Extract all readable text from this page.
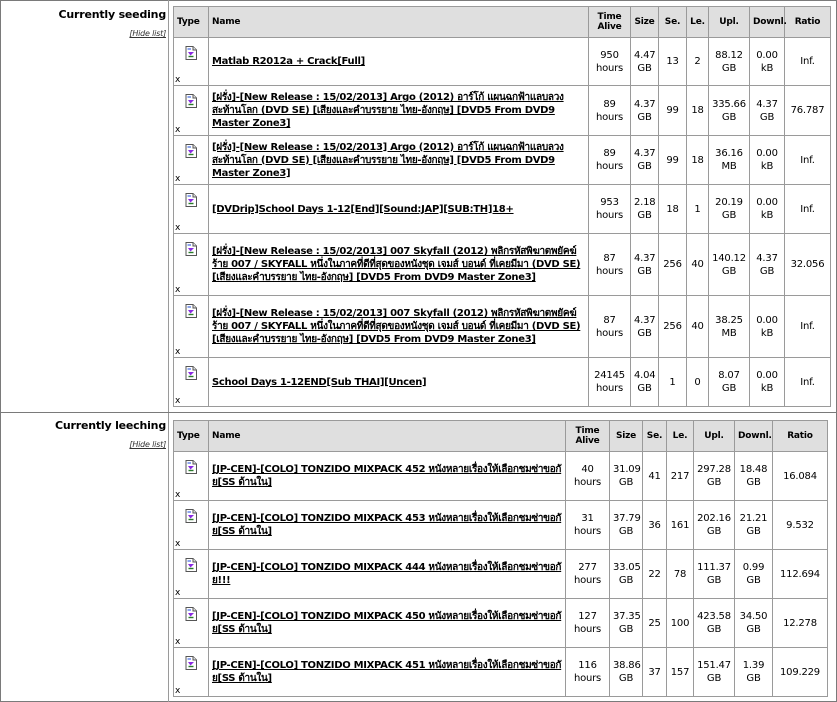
Currently seeding
[Hide list]
Type	Name	Time Alive	Size	Se.	Le.	Upl.	Downl.	Ratio

x	Matlab R2012a + Crack[Full]	950 hours	4.47 GB	13	2	88.12 GB	0.00 kB	Inf.

x	[ฝรั่ง]-[New Release : 15/02/2013] Argo (2012) อาร์โก้ แผนฉกฟ้าแลบลวงสะท้านโลก (DVD SE) [เสียงและคำบรรยาย ไทย-อังกฤษ] [DVD5 From DVD9 Master Zone3]	89 hours	4.37 GB	99	18	335.66 GB	4.37 GB	76.787

x	[ฝรั่ง]-[New Release : 15/02/2013] Argo (2012) อาร์โก้ แผนฉกฟ้าแลบลวงสะท้านโลก (DVD SE) [เสียงและคำบรรยาย ไทย-อังกฤษ] [DVD5 From DVD9 Master Zone3]	89 hours	4.37 GB	99	18	36.16 MB	0.00 kB	Inf.

x	[DVDrip]School Days 1-12[End][Sound:JAP][SUB:TH]18+	953 hours	2.18 GB	18	1	20.19 GB	0.00 kB	Inf.

x	[ฝรั่ง]-[New Release : 15/02/2013] 007 Skyfall (2012) พลิกรหัสพิฆาตพยัคฆ์ร้าย 007 / SKYFALL หนึ่งในภาคที่ดีที่สุดของหนังชุด เจมส์ บอนด์ ที่เคยมีมา (DVD SE) [เสียงและคำบรรยาย ไทย-อังกฤษ] [DVD5 From DVD9 Master Zone3]	87 hours	4.37 GB	256	40	140.12 GB	4.37 GB	32.056

x	[ฝรั่ง]-[New Release : 15/02/2013] 007 Skyfall (2012) พลิกรหัสพิฆาตพยัคฆ์ร้าย 007 / SKYFALL หนึ่งในภาคที่ดีที่สุดของหนังชุด เจมส์ บอนด์ ที่เคยมีมา (DVD SE) [เสียงและคำบรรยาย ไทย-อังกฤษ] [DVD5 From DVD9 Master Zone3]	87 hours	4.37 GB	256	40	38.25 MB	0.00 kB	Inf.

x	School Days 1-12END[Sub THAI][Uncen]	24145 hours	4.04 GB	1	0	8.07 GB	0.00 kB	Inf.
Currently leeching
[Hide list]
Type	Name	Time Alive	Size	Se.	Le.	Upl.	Downl.	Ratio

x	[JP-CEN]-[COLO] TONZIDO MIXPACK 452 หนังหลายเรื่องให้เลือกชมซ่าขอกัย[SS ด้านใน]	40 hours	31.09 GB	41	217	297.28 GB	18.48 GB	16.084

x	[JP-CEN]-[COLO] TONZIDO MIXPACK 453 หนังหลายเรื่องให้เลือกชมซ่าขอกัย[SS ด้านใน]	31 hours	37.79 GB	36	161	202.16 GB	21.21 GB	9.532

x	[JP-CEN]-[COLO] TONZIDO MIXPACK 444 หนังหลายเรื่องให้เลือกชมซ่าขอกัย!!!	277 hours	33.05 GB	22	78	111.37 GB	0.99 GB	112.694

x	[JP-CEN]-[COLO] TONZIDO MIXPACK 450 หนังหลายเรื่องให้เลือกชมซ่าขอกัย[SS ด้านใน]	127 hours	37.35 GB	25	100	423.58 GB	34.50 GB	12.278

x	[JP-CEN]-[COLO] TONZIDO MIXPACK 451 หนังหลายเรื่องให้เลือกชมซ่าขอกัย[SS ด้านใน]	116 hours	38.86 GB	37	157	151.47 GB	1.39 GB	109.229
